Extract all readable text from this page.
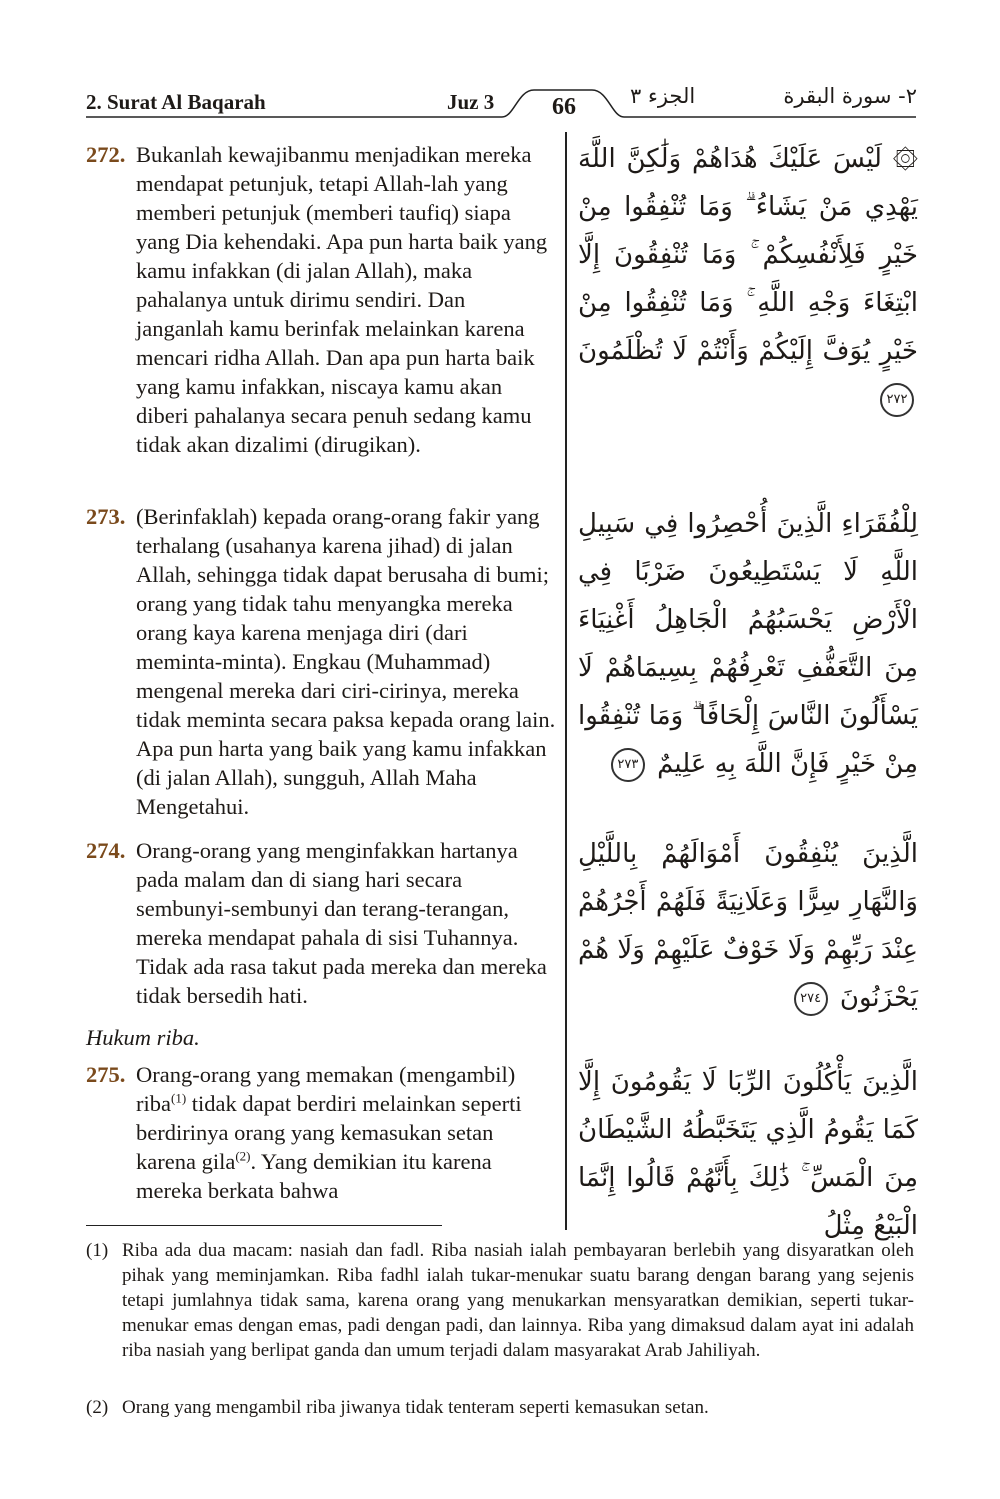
2. Surat Al Baqarah	Juz 3	66	الجزء ٣	٢- سورة البقرة
272. Bukanlah kewajibanmu menjadikan mereka mendapat petunjuk, tetapi Allah-lah yang memberi petunjuk (memberi taufiq) siapa yang Dia kehendaki. Apa pun harta baik yang kamu infakkan (di jalan Allah), maka pahalanya untuk dirimu sendiri. Dan janganlah kamu berinfak melainkan karena mencari ridha Allah. Dan apa pun harta baik yang kamu infakkan, niscaya kamu akan diberi pahalanya secara penuh sedang kamu tidak akan dizalimi (dirugikan).
۞ لَيْسَ عَلَيْكَ هُدَاهُمْ وَلَٰكِنَّ اللَّهَ يَهْدِي مَنْ يَشَاءُ ۗ وَمَا تُنْفِقُوا مِنْ خَيْرٍ فَلِأَنْفُسِكُمْ ۚ وَمَا تُنْفِقُونَ إِلَّا ابْتِغَاءَ وَجْهِ اللَّهِ ۚ وَمَا تُنْفِقُوا مِنْ خَيْرٍ يُوَفَّ إِلَيْكُمْ وَأَنْتُمْ لَا تُظْلَمُونَ ٢٧٢
273. (Berinfaklah) kepada orang-orang fakir yang terhalang (usahanya karena jihad) di jalan Allah, sehingga tidak dapat berusaha di bumi; orang yang tidak tahu menyangka mereka orang kaya karena menjaga diri (dari meminta-minta). Engkau (Muhammad) mengenal mereka dari ciri-cirinya, mereka tidak meminta secara paksa kepada orang lain. Apa pun harta yang baik yang kamu infakkan (di jalan Allah), sungguh, Allah Maha Mengetahui.
لِلْفُقَرَاءِ الَّذِينَ أُحْصِرُوا فِي سَبِيلِ اللَّهِ لَا يَسْتَطِيعُونَ ضَرْبًا فِي الْأَرْضِ يَحْسَبُهُمُ الْجَاهِلُ أَغْنِيَاءَ مِنَ التَّعَفُّفِ تَعْرِفُهُمْ بِسِيمَاهُمْ لَا يَسْأَلُونَ النَّاسَ إِلْحَافًا ۗ وَمَا تُنْفِقُوا مِنْ خَيْرٍ فَإِنَّ اللَّهَ بِهِ عَلِيمٌ ٢٧٣
274. Orang-orang yang menginfakkan hartanya pada malam dan di siang hari secara sembunyi-sembunyi dan terang-terangan, mereka mendapat pahala di sisi Tuhannya. Tidak ada rasa takut pada mereka dan mereka tidak bersedih hati.
الَّذِينَ يُنْفِقُونَ أَمْوَالَهُمْ بِاللَّيْلِ وَالنَّهَارِ سِرًّا وَعَلَانِيَةً فَلَهُمْ أَجْرُهُمْ عِنْدَ رَبِّهِمْ وَلَا خَوْفٌ عَلَيْهِمْ وَلَا هُمْ يَحْزَنُونَ ٢٧٤
Hukum riba.
275. Orang-orang yang memakan (mengambil) riba$^{(1)}$ tidak dapat berdiri melainkan seperti berdirinya orang yang kemasukan setan karena gila$^{(2)}$. Yang demikian itu karena mereka berkata bahwa
الَّذِينَ يَأْكُلُونَ الرِّبَا لَا يَقُومُونَ إِلَّا كَمَا يَقُومُ الَّذِي يَتَخَبَّطُهُ الشَّيْطَانُ مِنَ الْمَسِّ ۚ ذَٰلِكَ بِأَنَّهُمْ قَالُوا إِنَّمَا الْبَيْعُ مِثْلُ
(1) Riba ada dua macam: nasiah dan fadl. Riba nasiah ialah pembayaran berlebih yang disyaratkan oleh pihak yang meminjamkan. Riba fadhl ialah tukar-menukar suatu barang dengan barang yang sejenis tetapi jumlahnya tidak sama, karena orang yang menukarkan mensyaratkan demikian, seperti tukar-menukar emas dengan emas, padi dengan padi, dan lainnya. Riba yang dimaksud dalam ayat ini adalah riba nasiah yang berlipat ganda dan umum terjadi dalam masyarakat Arab Jahiliyah.
(2) Orang yang mengambil riba jiwanya tidak tenteram seperti kemasukan setan.
